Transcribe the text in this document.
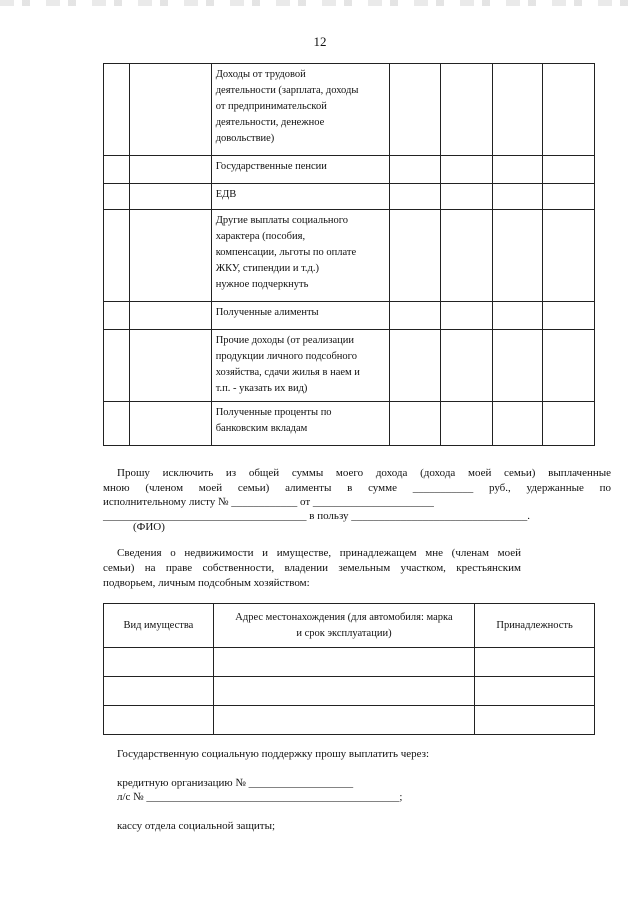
12

		Доходы от трудовой
деятельности (зарплата, доходы
от предпринимательской
деятельности, денежное
довольствие)				

		Государственные пенсии				

		ЕДВ				

		Другие выплаты социального
характера (пособия,
компенсации, льготы по оплате
ЖКУ, стипендии и т.д.)
нужное подчеркнуть				

		Полученные алименты				

		Прочие доходы (от реализации
продукции личного подсобного
хозяйства, сдачи жилья в наем и
т.п. - указать их вид)				

		Полученные проценты по
банковским вкладам				

Прошу исключить из общей суммы моего дохода (дохода моей семьи) выплаченные
мною (членом моей семьи) алименты в сумме ___________ руб., удержанные по
исполнительному листу № ____________ от ______________________
_____________________________________ в пользу ________________________________.
(ФИО)
Сведения о недвижимости и имуществе, принадлежащем мне (членам моей
семьи) на праве собственности, владении земельным участком, крестьянским
подворьем, личным подсобным хозяйством:
Вид имущества	Адрес местонахождения (для автомобиля: марка
и срок эксплуатации)	Принадлежность

Государственную социальную поддержку прошу выплатить через:
кредитную организацию № ___________________
л/с № ______________________________________________;
кассу отдела социальной защиты;
